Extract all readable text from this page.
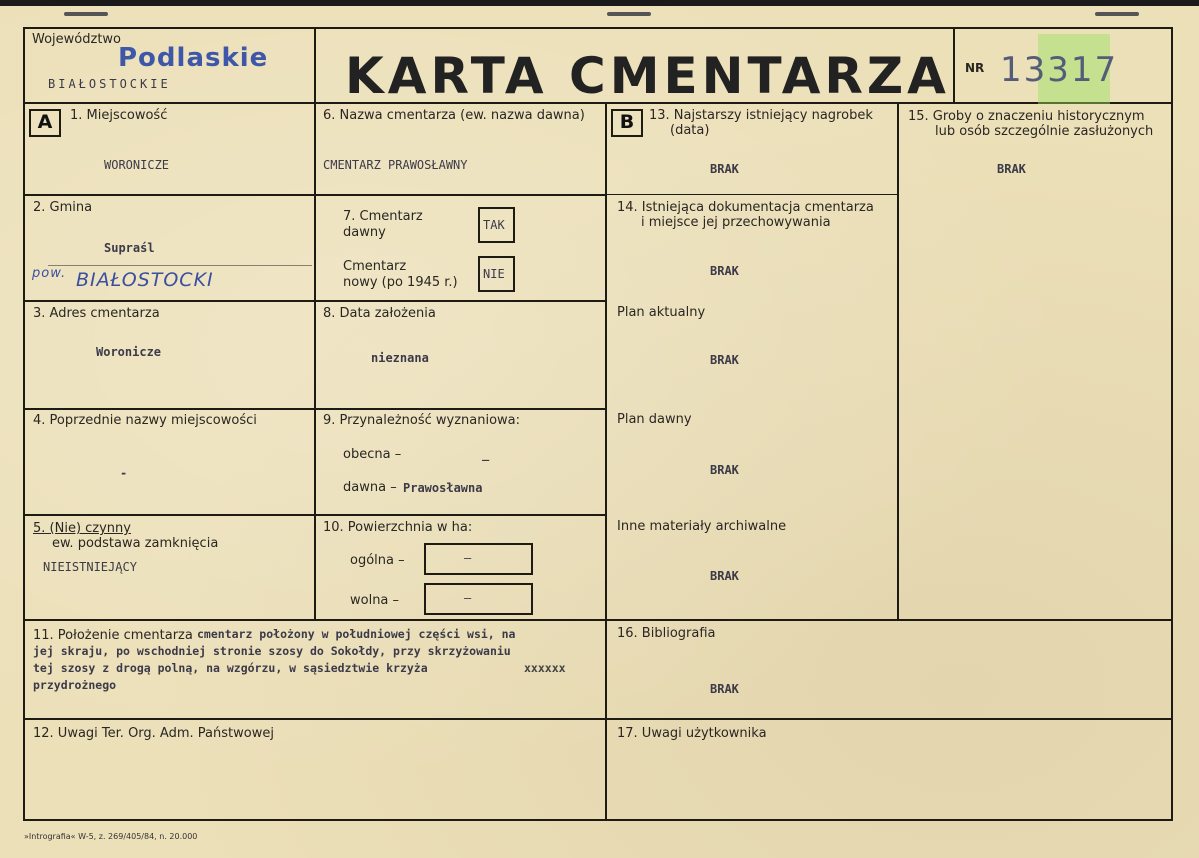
Województwo
Podlaskie
BIAŁOSTOCKIE	KARTA CMENTARZA NR 13317
A	B
1. Miejscowość
WORONICZE
2. Gmina
Supraśl
pow. BIAŁOSTOCKI
3. Adres cmentarza
Woronicze
4. Poprzednie nazwy miejscowości
-
5. (Nie) czynny
ew. podstawa zamknięcia
NIEISTNIEJĄCY
6. Nazwa cmentarza (ew. nazwa dawna)
CMENTARZ PRAWOSŁAWNY
7. Cmentarz
dawny	TAK
Cmentarz
nowy (po 1945 r.)
NIE
8. Data założenia
nieznana
9. Przynależność wyznaniowa:
obecna –	_
dawna – Prawosławna
10. Powierzchnia w ha:
ogólna –	—
wolna –	—
11. Położenie cmentarza cmentarz położony w południowej części wsi, na
jej skraju, po wschodniej stronie szosy do Sokołdy, przy skrzyżowaniu
tej szosy z drogą polną, na wzgórzu, w sąsiedztwie krzyża	xxxxxx
przydrożnego
12. Uwagi Ter. Org. Adm. Państwowej
13. Najstarszy istniejący nagrobek
(data)
BRAK
14. Istniejąca dokumentacja cmentarza
i miejsce jej przechowywania
BRAK
Plan aktualny
BRAK
Plan dawny
BRAK
Inne materiały archiwalne
BRAK
15. Groby o znaczeniu historycznym
lub osób szczególnie zasłużonych
BRAK
16. Bibliografia
BRAK
17. Uwagi użytkownika
»Intrografia« W-5, z. 269/405/84, n. 20.000
